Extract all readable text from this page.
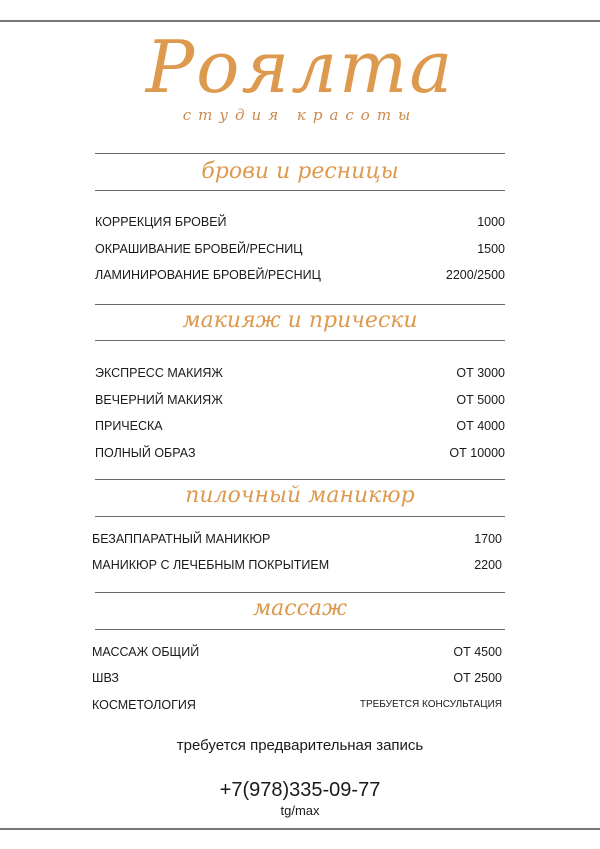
Роялта
студия красоты
брови и ресницы
КОРРЕКЦИЯ БРОВЕЙ	1000
ОКРАШИВАНИЕ БРОВЕЙ/РЕСНИЦ	1500
ЛАМИНИРОВАНИЕ БРОВЕЙ/РЕСНИЦ	2200/2500
макияж и прически
ЭКСПРЕСС МАКИЯЖ	ОТ 3000
ВЕЧЕРНИЙ МАКИЯЖ	ОТ 5000
ПРИЧЕСКА	ОТ 4000
ПОЛНЫЙ ОБРАЗ	ОТ 10000
пилочный маникюр
БЕЗАППАРАТНЫЙ МАНИКЮР	1700
МАНИКЮР С ЛЕЧЕБНЫМ ПОКРЫТИЕМ	2200
массаж
МАССАЖ ОБЩИЙ	ОТ 4500
ШВЗ	ОТ 2500
КОСМЕТОЛОГИЯ	ТРЕБУЕТСЯ КОНСУЛЬТАЦИЯ
требуется предварительная запись
+7(978)335-09-77
tg/max
